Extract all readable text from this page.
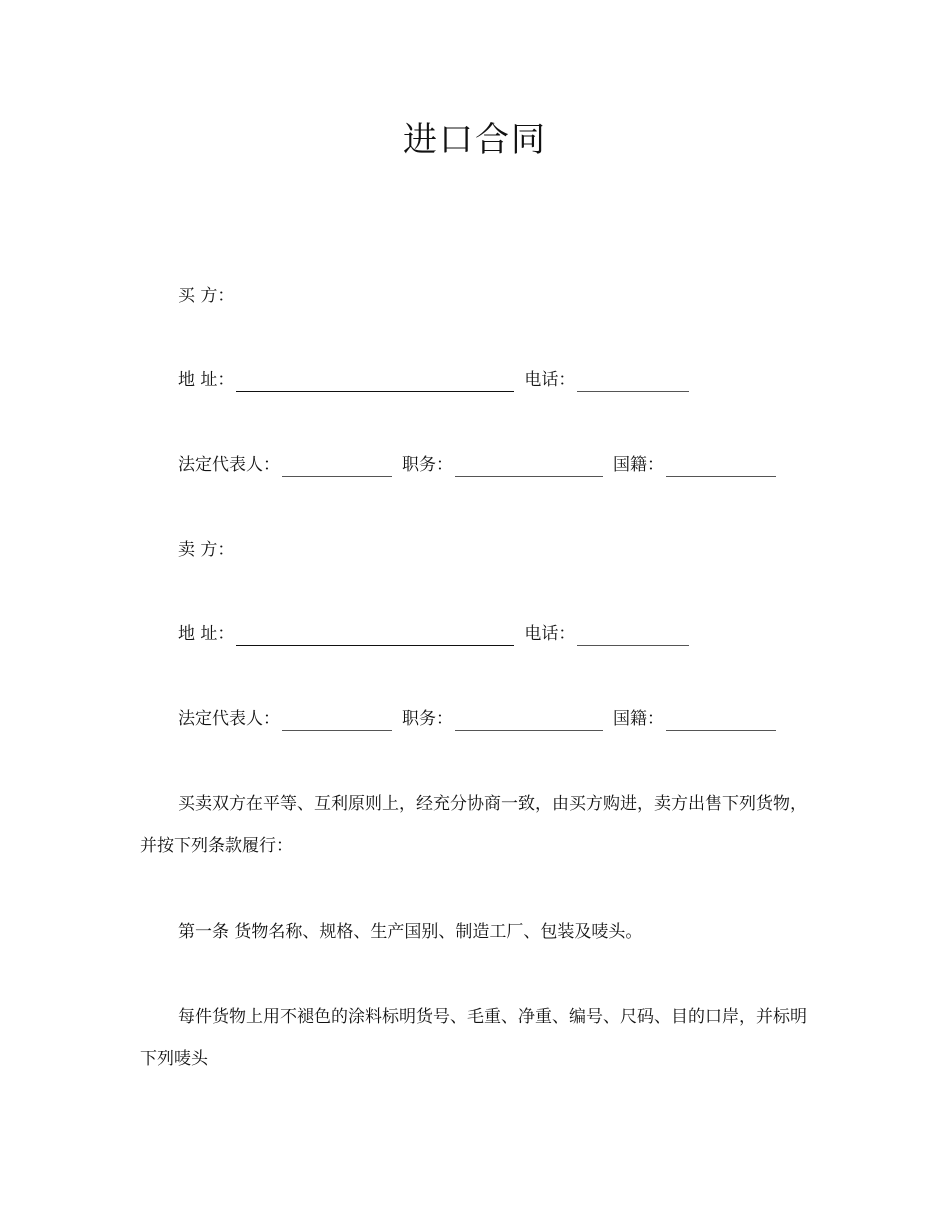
进口合同
买 方：
地 址：	电话：
法定代表人：	职务：	国籍：
卖 方：
地 址：	电话：
法定代表人：	职务：	国籍：

买卖双方在平等、互利原则上，经充分协商一致，由买方购进，卖方出售下列货物，并按下列条款履行：

第一条 货物名称、规格、生产国别、制造工厂、包装及唛头。

每件货物上用不褪色的涂料标明货号、毛重、净重、编号、尺码、目的口岸，并标明下列唛头
